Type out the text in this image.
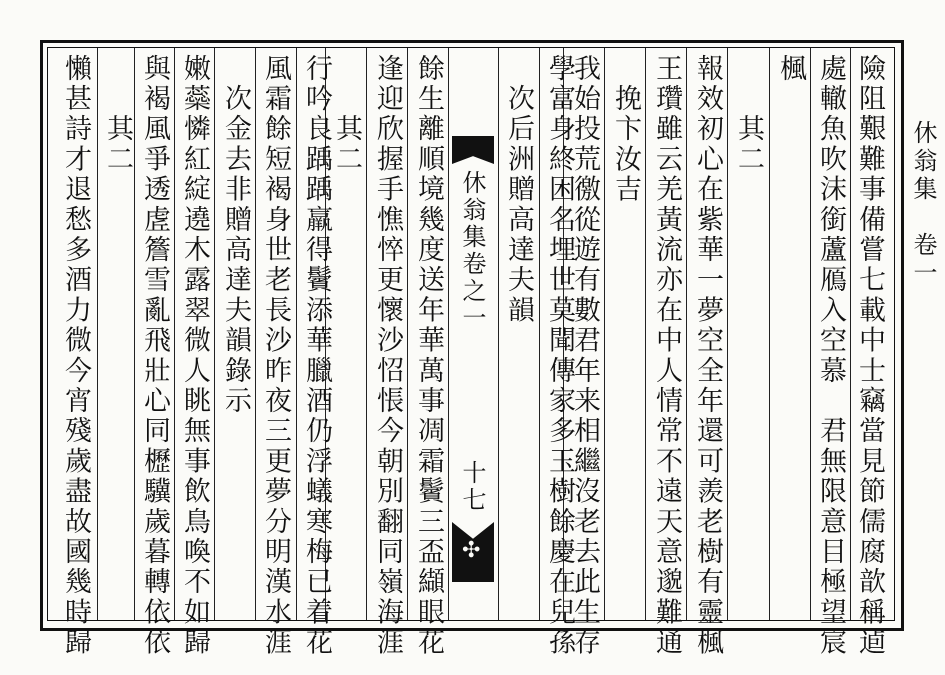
休翁集　卷一
險阻艱難事備嘗七載中士竊當見節儒腐歆稱逌
處轍魚吹沫銜蘆鴈入空慕　君無限意目極望宸
楓
　　其二
報效初心在紫華一夢空全年還可羨老樹有靈楓
王瓚雖云羌黃流亦在中人情常不遠天意邈難通
　挽卞汝吉
我始投荒徼從遊有數君年来相繼沒老去此生存
學富身終困名埋世莫聞傳家多玉樹餘慶在兒孫
　次后洲贈高達夫韻
休翁集卷之一
十七
✣
餘生離順境幾度送年華萬事凋霜鬢三盃纈眼花
逢迎欣握手憔悴更懷沙怊悵今朝別翻同嶺海涯
　　其二
行吟良踽踽羸得鬢添華臘酒仍浮蟻寒梅已着花
風霜餘短褐身世老長沙昨夜三更夢分明漢水涯
　次金去非贈高達夫韻錄示
嫩蘂憐紅綻遶木露翠微人眺無事飲鳥喚不如歸
與褐風爭透虗簷雪亂飛壯心同櫪驥歲暮轉依依
　　其二
懶甚詩才退愁多酒力微今宵殘歲盡故國幾時歸
